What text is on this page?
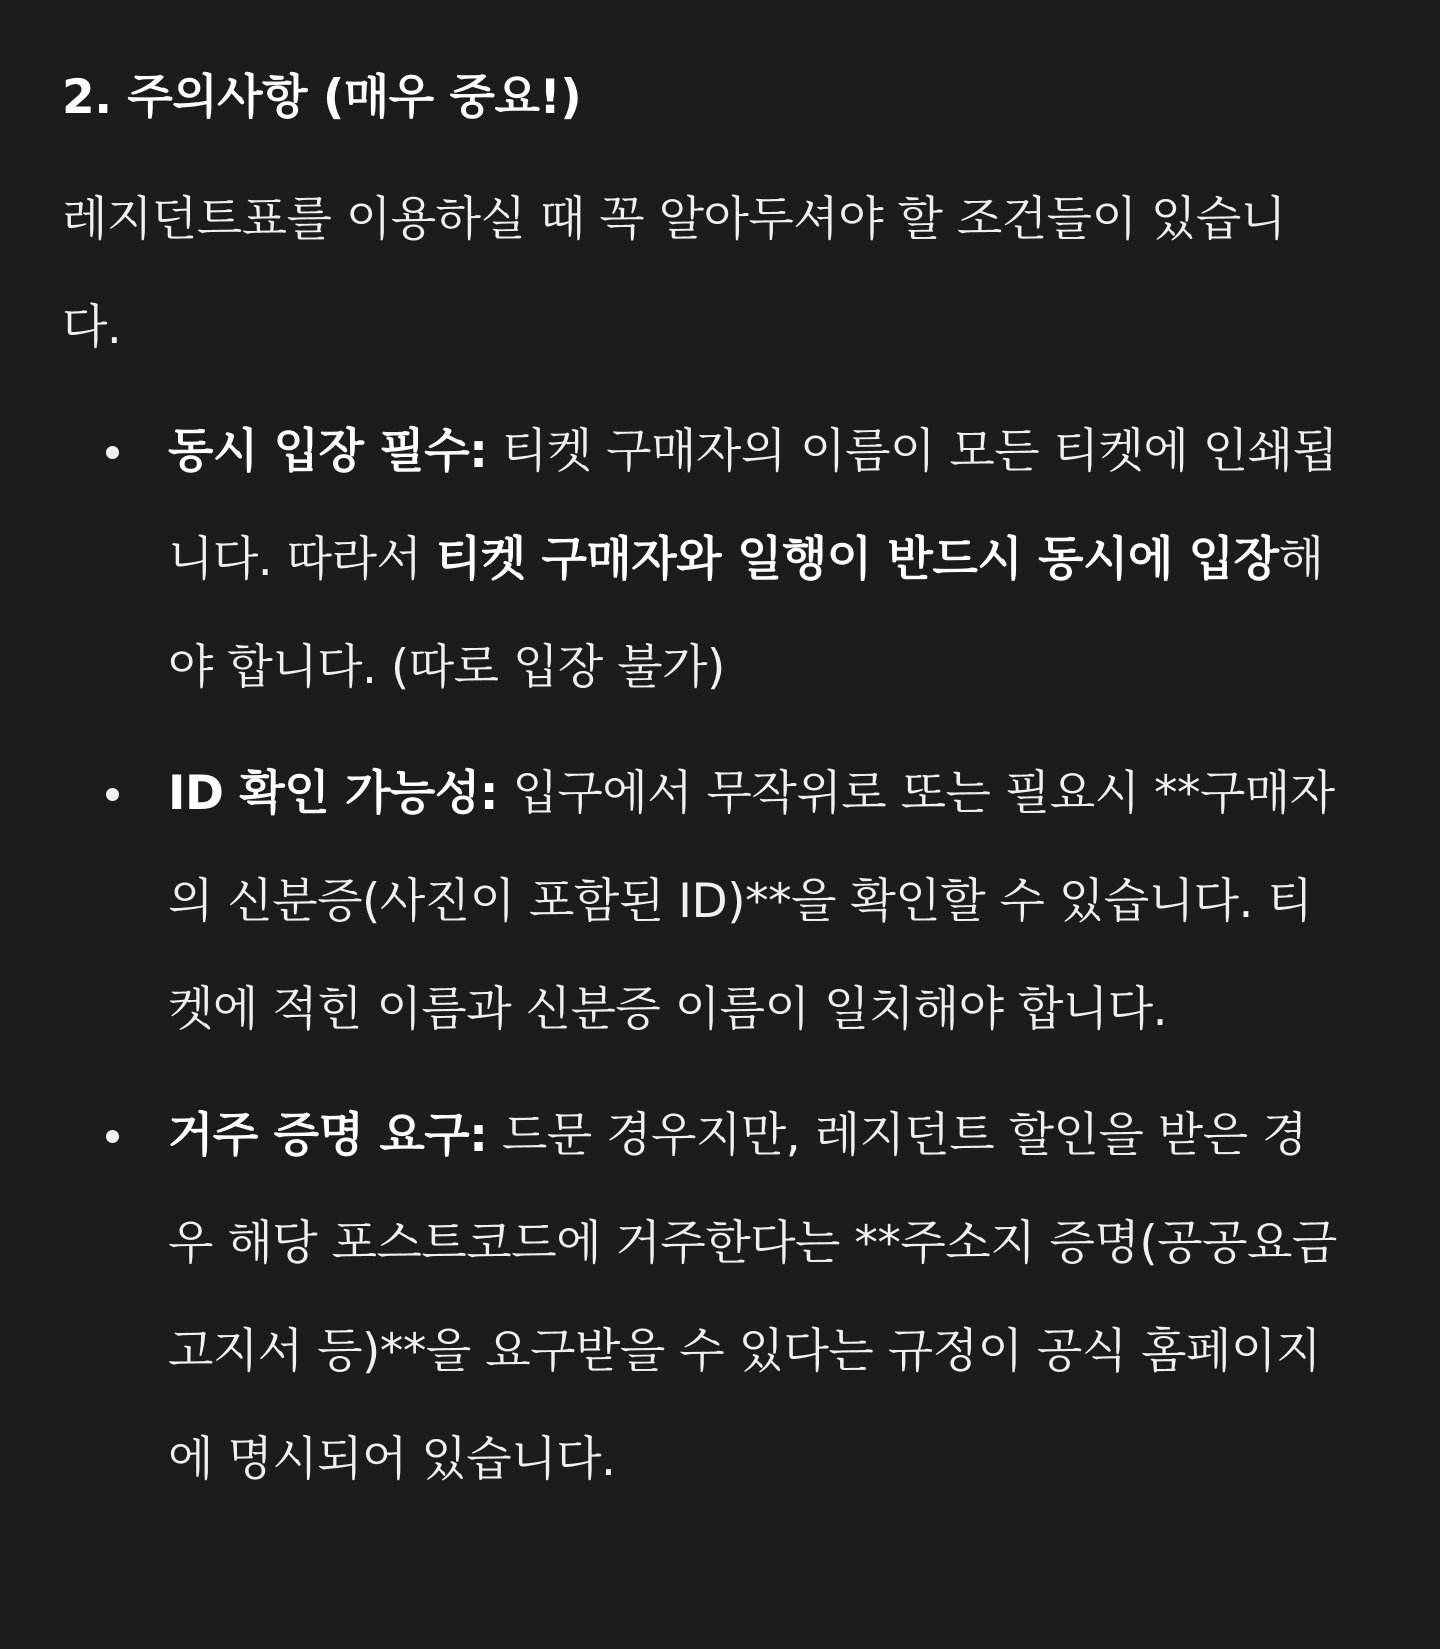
2. 주의사항 (매우 중요!)

레지던트표를 이용하실 때 꼭 알아두셔야 할 조건들이 있습니다.

동시 입장 필수: 티켓 구매자의 이름이 모든 티켓에 인쇄됩니다. 따라서 티켓 구매자와 일행이 반드시 동시에 입장해야 합니다. (따로 입장 불가)
ID 확인 가능성: 입구에서 무작위로 또는 필요시 **구매자의 신분증(사진이 포함된 ID)**을 확인할 수 있습니다. 티켓에 적힌 이름과 신분증 이름이 일치해야 합니다.
거주 증명 요구: 드문 경우지만, 레지던트 할인을 받은 경우 해당 포스트코드에 거주한다는 **주소지 증명(공공요금 고지서 등)**을 요구받을 수 있다는 규정이 공식 홈페이지에 명시되어 있습니다.
